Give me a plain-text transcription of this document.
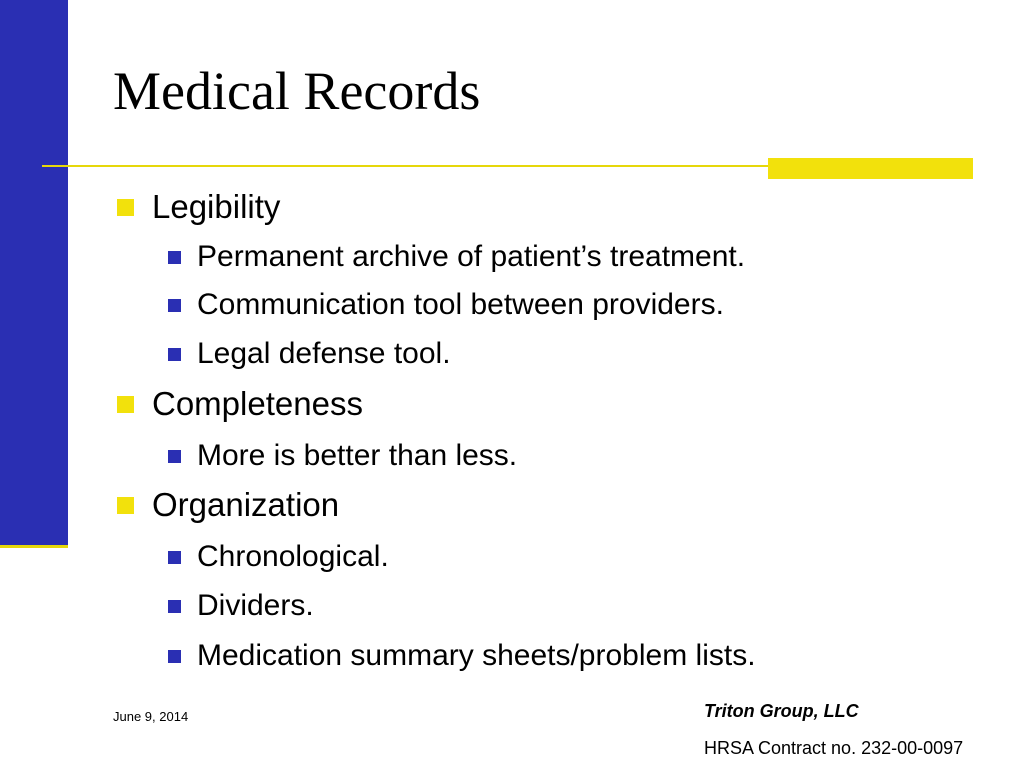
Medical Records
Legibility
Permanent archive of patient’s treatment.
Communication tool between providers.
Legal defense tool.
Completeness
More is better than less.
Organization
Chronological.
Dividers.
Medication summary sheets/problem lists.
June 9, 2014	Triton Group, LLC
HRSA Contract no. 232-00-0097
